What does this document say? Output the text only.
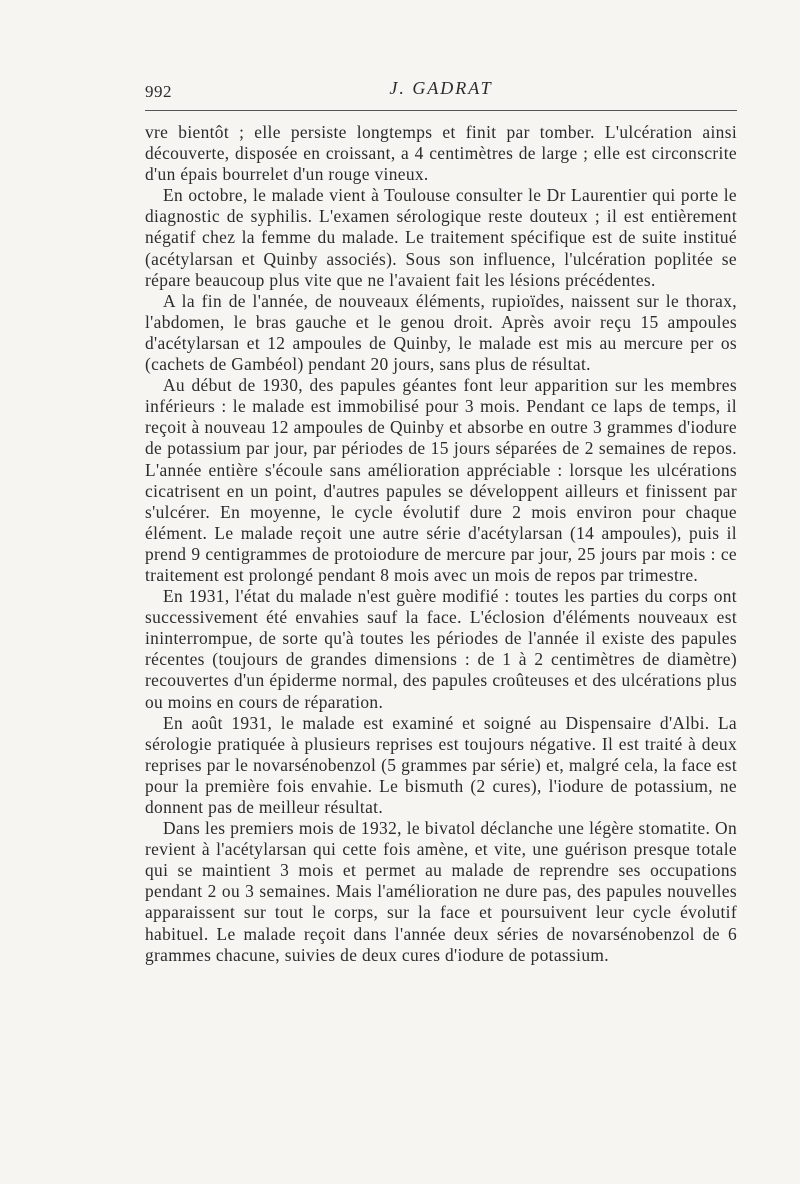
992	J. GADRAT

vre bientôt ; elle persiste longtemps et finit par tomber. L'ulcération ainsi découverte, disposée en croissant, a 4 centimètres de large ; elle est circonscrite d'un épais bourrelet d'un rouge vineux.

En octobre, le malade vient à Toulouse consulter le Dr Laurentier qui porte le diagnostic de syphilis. L'examen sérologique reste douteux ; il est entièrement négatif chez la femme du malade. Le traitement spécifique est de suite institué (acétylarsan et Quinby associés). Sous son influence, l'ulcération poplitée se répare beaucoup plus vite que ne l'avaient fait les lésions précédentes.

A la fin de l'année, de nouveaux éléments, rupioïdes, naissent sur le thorax, l'abdomen, le bras gauche et le genou droit. Après avoir reçu 15 ampoules d'acétylarsan et 12 ampoules de Quinby, le malade est mis au mercure per os (cachets de Gambéol) pendant 20 jours, sans plus de résultat.

Au début de 1930, des papules géantes font leur apparition sur les membres inférieurs : le malade est immobilisé pour 3 mois. Pendant ce laps de temps, il reçoit à nouveau 12 ampoules de Quinby et absorbe en outre 3 grammes d'iodure de potassium par jour, par périodes de 15 jours séparées de 2 semaines de repos. L'année entière s'écoule sans amélioration appréciable : lorsque les ulcérations cicatrisent en un point, d'autres papules se développent ailleurs et finissent par s'ulcérer. En moyenne, le cycle évolutif dure 2 mois environ pour chaque élément. Le malade reçoit une autre série d'acétylarsan (14 ampoules), puis il prend 9 centigrammes de protoiodure de mercure par jour, 25 jours par mois : ce traitement est prolongé pendant 8 mois avec un mois de repos par trimestre.

En 1931, l'état du malade n'est guère modifié : toutes les parties du corps ont successivement été envahies sauf la face. L'éclosion d'éléments nouveaux est ininterrompue, de sorte qu'à toutes les périodes de l'année il existe des papules récentes (toujours de grandes dimensions : de 1 à 2 centimètres de diamètre) recouvertes d'un épiderme normal, des papules croûteuses et des ulcérations plus ou moins en cours de réparation.

En août 1931, le malade est examiné et soigné au Dispensaire d'Albi. La sérologie pratiquée à plusieurs reprises est toujours négative. Il est traité à deux reprises par le novarsénobenzol (5 grammes par série) et, malgré cela, la face est pour la première fois envahie. Le bismuth (2 cures), l'iodure de potassium, ne donnent pas de meilleur résultat.

Dans les premiers mois de 1932, le bivatol déclanche une légère stomatite. On revient à l'acétylarsan qui cette fois amène, et vite, une guérison presque totale qui se maintient 3 mois et permet au malade de reprendre ses occupations pendant 2 ou 3 semaines. Mais l'amélioration ne dure pas, des papules nouvelles apparaissent sur tout le corps, sur la face et poursuivent leur cycle évolutif habituel. Le malade reçoit dans l'année deux séries de novarsénobenzol de 6 grammes chacune, suivies de deux cures d'iodure de potassium.
